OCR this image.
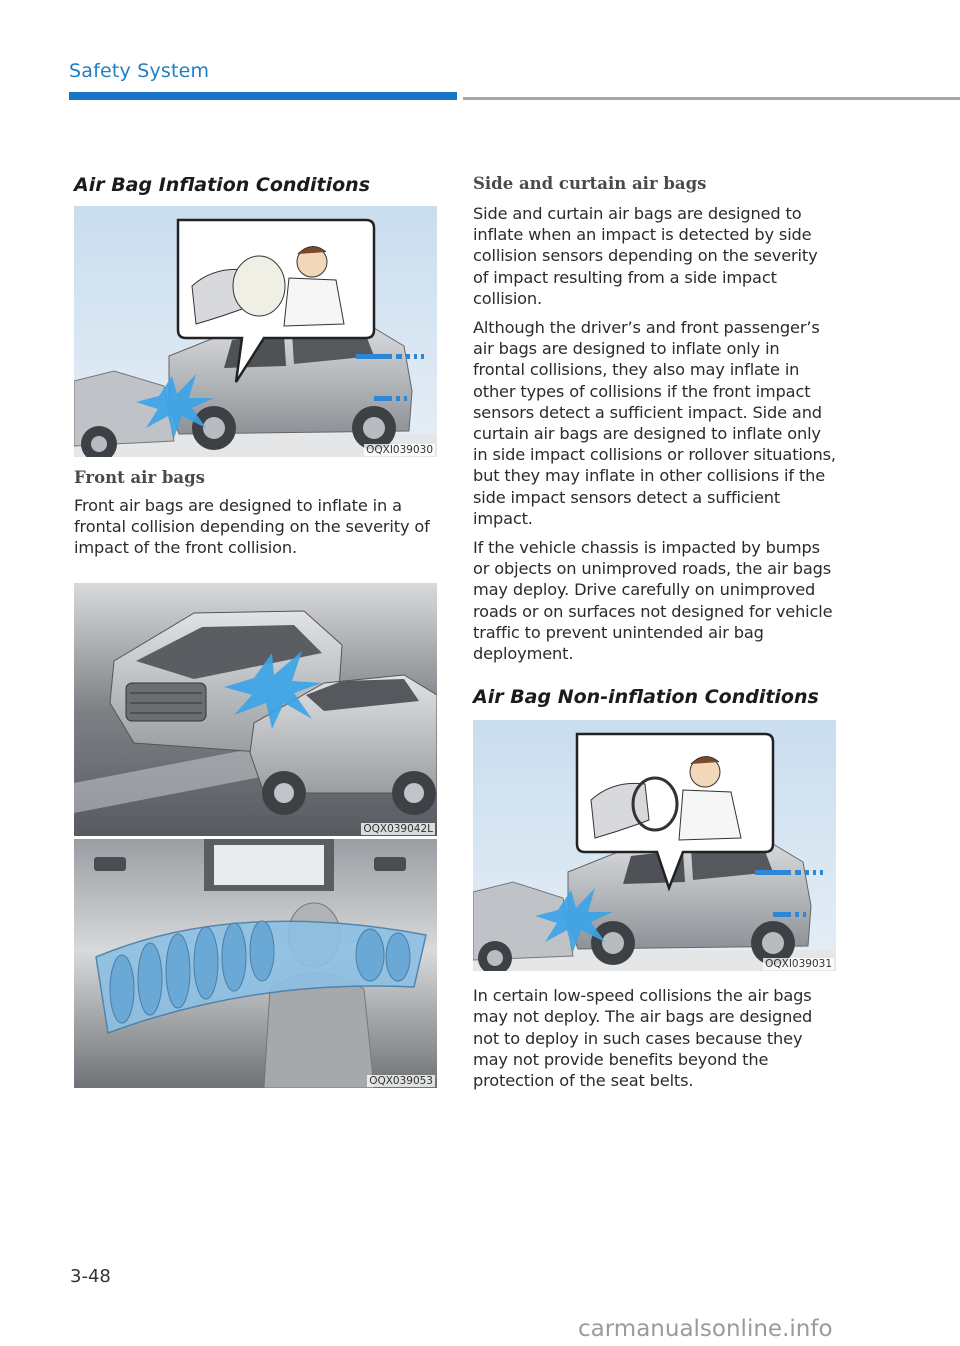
Safety System
Air Bag Inflation Conditions
OQXI039030
Front air bags

Front air bags are designed to inflate in a frontal collision depending on the severity of impact of the front collision.

OQX039042L
OQX039053
Side and curtain air bags

Side and curtain air bags are designed to inflate when an impact is detected by side collision sensors depending on the severity of impact resulting from a side impact collision.

Although the driver’s and front passenger’s air bags are designed to inflate only in frontal collisions, they also may inflate in other types of collisions if the front impact sensors detect a sufficient impact. Side and curtain air bags are designed to inflate only in side impact collisions or rollover situations, but they may inflate in other collisions if the side impact sensors detect a sufficient impact.

If the vehicle chassis is impacted by bumps or objects on unimproved roads, the air bags may deploy. Drive carefully on unimproved roads or on surfaces not designed for vehicle traffic to prevent unintended air bag deployment.

Air Bag Non-inflation Conditions
OQXI039031

In certain low-speed collisions the air bags may not deploy. The air bags are designed not to deploy in such cases because they may not provide benefits beyond the protection of the seat belts.

3-48
carmanualsonline.info
